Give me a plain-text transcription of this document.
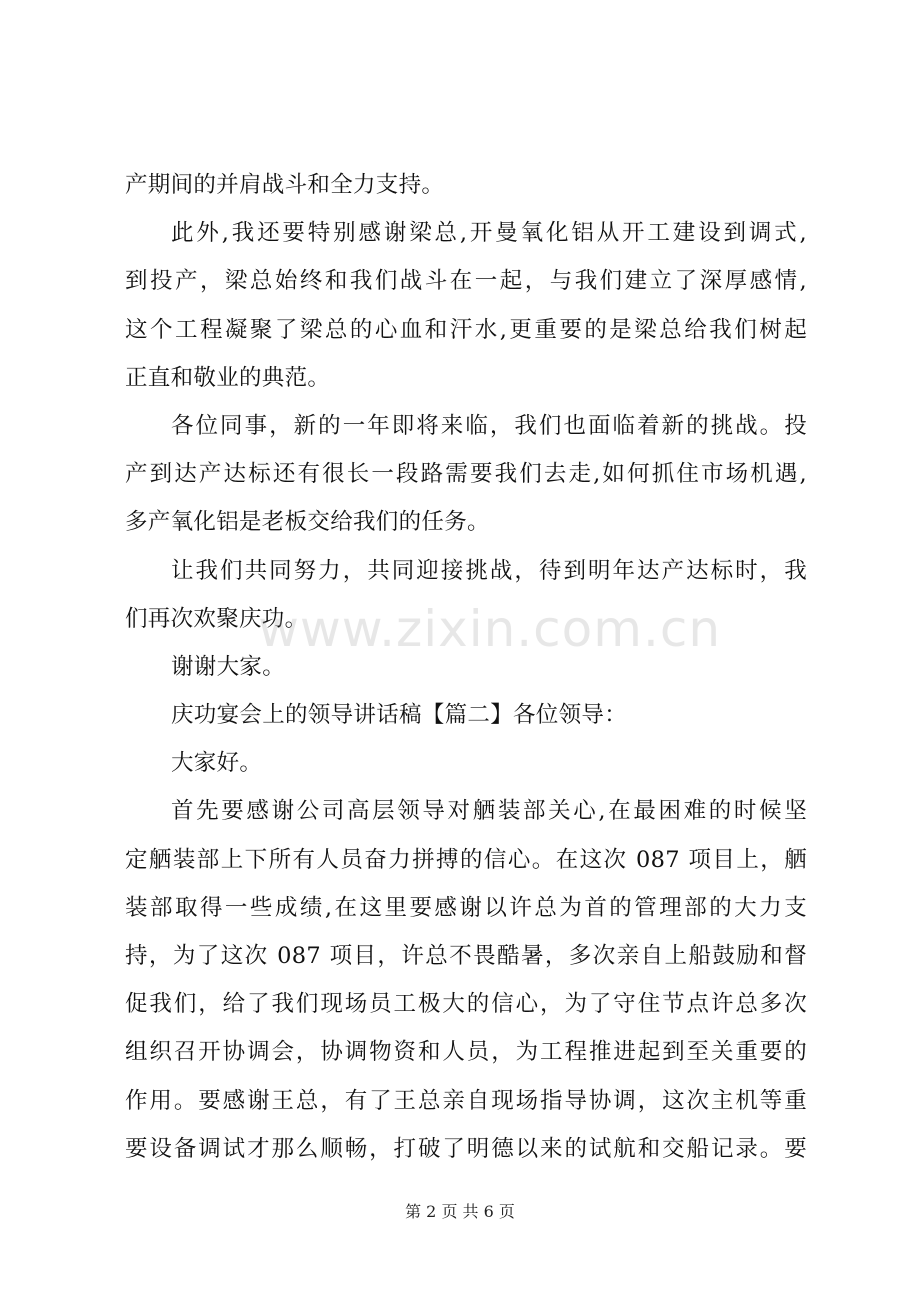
产期间的并肩战斗和全力支持。
此外,我还要特别感谢梁总,开曼氧化铝从开工建设到调式,
到投产，梁总始终和我们战斗在一起，与我们建立了深厚感情,
这个工程凝聚了梁总的心血和汗水,更重要的是梁总给我们树起
正直和敬业的典范。
各位同事，新的一年即将来临，我们也面临着新的挑战。投
产到达产达标还有很长一段路需要我们去走,如何抓住市场机遇,
多产氧化铝是老板交给我们的任务。
让我们共同努力，共同迎接挑战，待到明年达产达标时，我
们再次欢聚庆功。
谢谢大家。
庆功宴会上的领导讲话稿【篇二】各位领导：
大家好。
首先要感谢公司高层领导对舾装部关心,在最困难的时候坚
定舾装部上下所有人员奋力拼搏的信心。在这次 087 项目上，舾
装部取得一些成绩,在这里要感谢以许总为首的管理部的大力支
持，为了这次 087 项目，许总不畏酷暑，多次亲自上船鼓励和督
促我们，给了我们现场员工极大的信心，为了守住节点许总多次
组织召开协调会，协调物资和人员，为工程推进起到至关重要的
作用。要感谢王总，有了王总亲自现场指导协调，这次主机等重
要设备调试才那么顺畅，打破了明德以来的试航和交船记录。要
www.zixin.com.cn
第 2 页 共 6 页
